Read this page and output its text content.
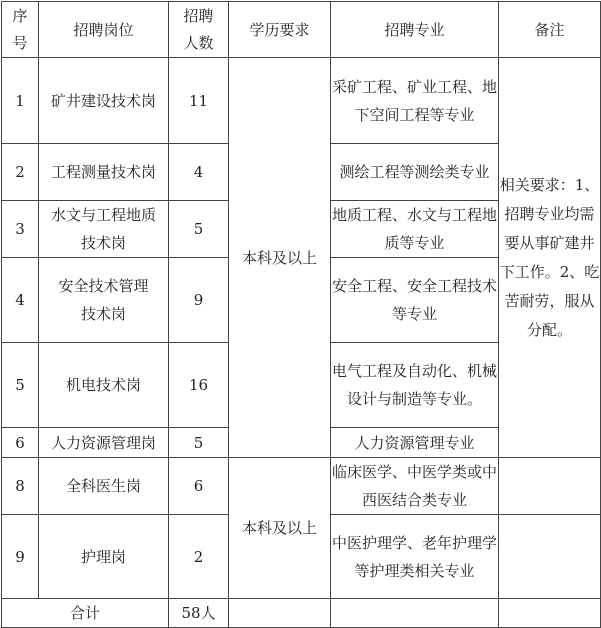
序号	招聘岗位	招聘人数	学历要求	招聘专业	备注
1	矿井建设技术岗	11	本科及以上	采矿工程、矿业工程、地下空间工程等专业	相关要求：1、招聘专业均需要从事矿建井下工作。2、吃苦耐劳，服从分配。

2	工程测量技术岗	4		测绘工程等测绘类专业	
3	水文与工程地质技术岗	5		地质工程、水文与工程地质等专业	
4	安全技术管理技术岗	9		安全工程、安全工程技术等专业	
5	机电技术岗	16		电气工程及自动化、机械设计与制造等专业。	
6	人力资源管理岗	5		人力资源管理专业	
8	全科医生岗	6	本科及以上	临床医学、中医学类或中西医结合类专业	
9	护理岗	2		中医护理学、老年护理学等护理类相关专业	
合计		58人			
